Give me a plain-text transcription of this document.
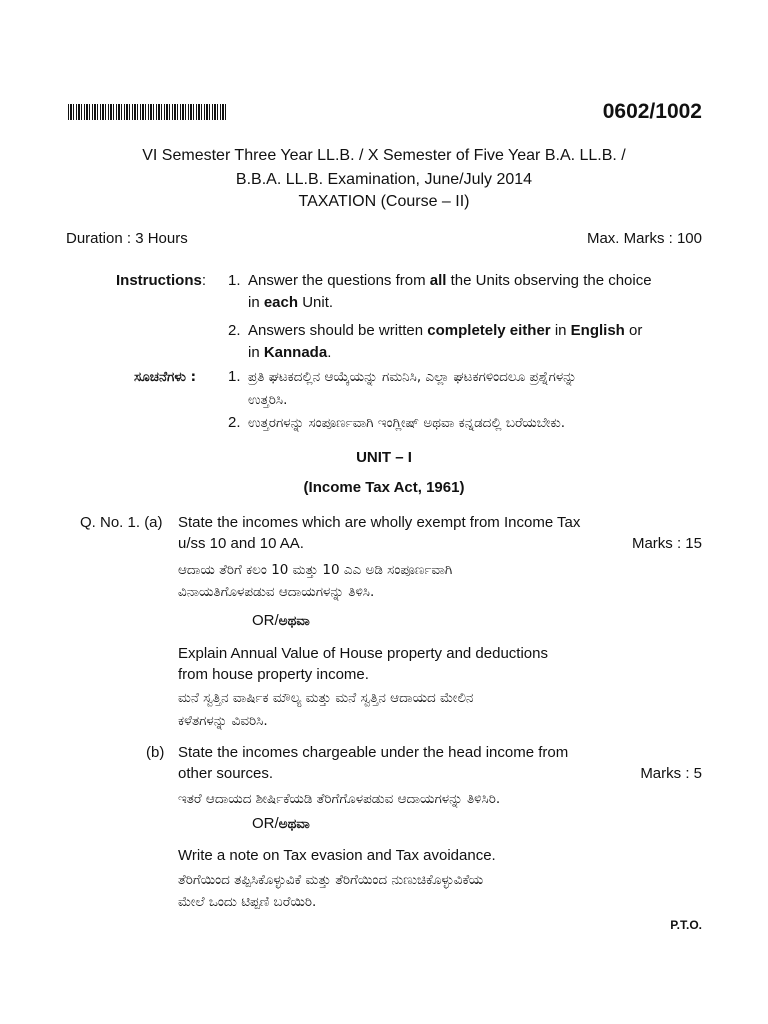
0602/1002
VI Semester Three Year LL.B. / X Semester of Five Year B.A. LL.B. /
B.B.A. LL.B. Examination, June/July 2014
TAXATION (Course – II)
Duration : 3 Hours	Max. Marks : 100
Instructions: 1. Answer the questions from all the Units observing the choice
in each Unit.
2. Answers should be written completely either in English or
in Kannada.
ಸೂಚನೆಗಳು : 1. ಪ್ರತಿ ಘಟಕದಲ್ಲಿನ ಆಯ್ಕೆಯನ್ನು ಗಮನಿಸಿ, ಎಲ್ಲಾ ಘಟಕಗಳಿಂದಲೂ ಪ್ರಶ್ನೆಗಳನ್ನು
ಉತ್ತರಿಸಿ.
2. ಉತ್ತರಗಳನ್ನು ಸಂಪೂರ್ಣವಾಗಿ ಇಂಗ್ಲೀಷ್ ಅಥವಾ ಕನ್ನಡದಲ್ಲಿ ಬರೆಯಬೇಕು.
UNIT – I
(Income Tax Act, 1961)
Q. No. 1. (a) State the incomes which are wholly exempt from Income Tax
u/ss 10 and 10 AA.	Marks : 15
ಆದಾಯ ತೆರಿಗೆ ಕಲಂ 10 ಮತ್ತು 10 ಎಎ ಅಡಿ ಸಂಪೂರ್ಣವಾಗಿ
ವಿನಾಯತಿಗೊಳಪಡುವ ಆದಾಯಗಳನ್ನು ತಿಳಿಸಿ.
OR/ಅಥವಾ
Explain Annual Value of House property and deductions
from house property income.
ಮನೆ ಸ್ವತ್ತಿನ ವಾರ್ಷಿಕ ಮೌಲ್ಯ ಮತ್ತು ಮನೆ ಸ್ವತ್ತಿನ ಆದಾಯದ ಮೇಲಿನ
ಕಳೆತಗಳನ್ನು ವಿವರಿಸಿ.
(b) State the incomes chargeable under the head income from
other sources.	Marks : 5
ಇತರೆ ಆದಾಯದ ಶೀರ್ಷಿಕೆಯಡಿ ತೆರಿಗೆಗೊಳಪಡುವ ಆದಾಯಗಳನ್ನು ತಿಳಿಸಿರಿ.
OR/ಅಥವಾ
Write a note on Tax evasion and Tax avoidance.
ತೆರಿಗೆಯಿಂದ ತಪ್ಪಿಸಿಕೊಳ್ಳುವಿಕೆ ಮತ್ತು ತೆರಿಗೆಯಿಂದ ನುಣುಚಿಕೊಳ್ಳುವಿಕೆಯ
ಮೇಲೆ ಒಂದು ಟಿಪ್ಪಣಿ ಬರೆಯಿರಿ.
P.T.O.
